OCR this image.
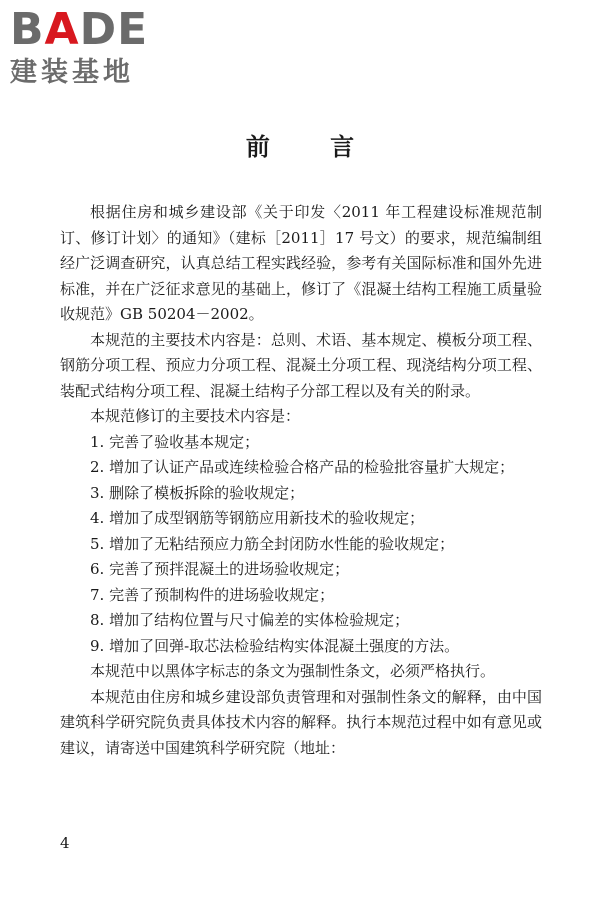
BADE
建装基地
前 言

根据住房和城乡建设部《关于印发〈2011 年工程建设标准规范制订、修订计划〉的通知》（建标［2011］17 号文）的要求，规范编制组经广泛调查研究，认真总结工程实践经验，参考有关国际标准和国外先进标准，并在广泛征求意见的基础上，修订了《混凝土结构工程施工质量验收规范》GB 50204－2002。

本规范的主要技术内容是：总则、术语、基本规定、模板分项工程、钢筋分项工程、预应力分项工程、混凝土分项工程、现浇结构分项工程、装配式结构分项工程、混凝土结构子分部工程以及有关的附录。

本规范修订的主要技术内容是：

1. 完善了验收基本规定；

2. 增加了认证产品或连续检验合格产品的检验批容量扩大规定；

3. 删除了模板拆除的验收规定；

4. 增加了成型钢筋等钢筋应用新技术的验收规定；

5. 增加了无粘结预应力筋全封闭防水性能的验收规定；

6. 完善了预拌混凝土的进场验收规定；

7. 完善了预制构件的进场验收规定；

8. 增加了结构位置与尺寸偏差的实体检验规定；

9. 增加了回弹-取芯法检验结构实体混凝土强度的方法。

本规范中以黑体字标志的条文为强制性条文，必须严格执行。

本规范由住房和城乡建设部负责管理和对强制性条文的解释，由中国建筑科学研究院负责具体技术内容的解释。执行本规范过程中如有意见或建议，请寄送中国建筑科学研究院（地址：

4
